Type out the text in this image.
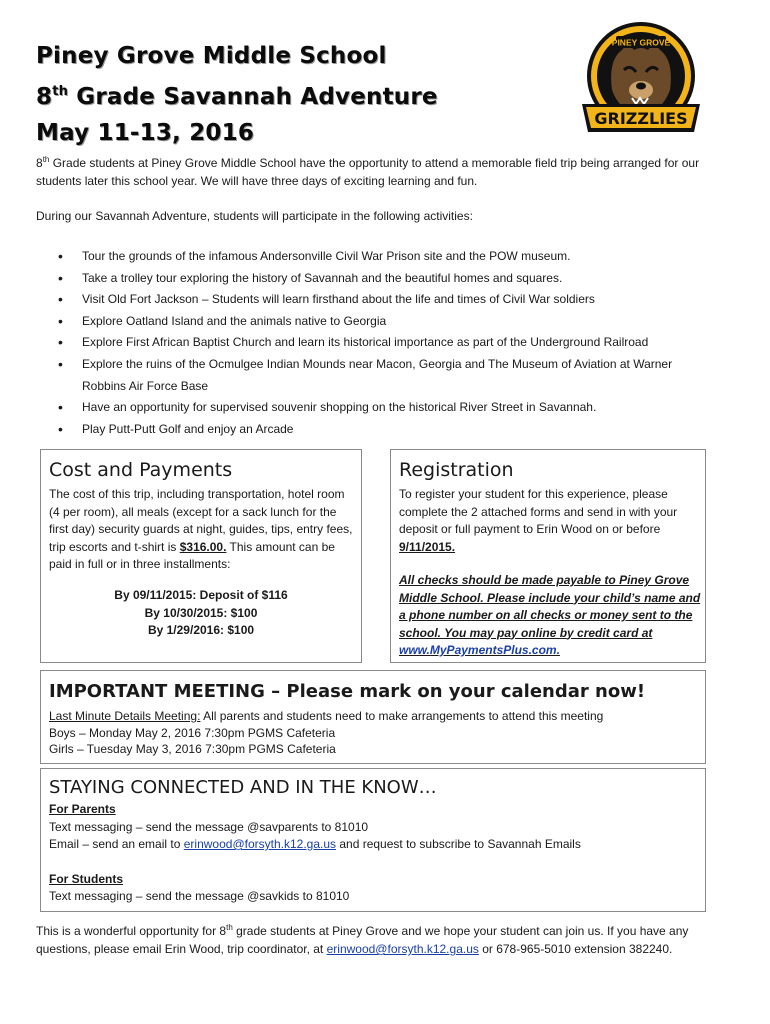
Piney Grove Middle School
8th Grade Savannah Adventure
May 11-13, 2016
PINEY GROVE
GRIZZLIES
8th Grade students at Piney Grove Middle School have the opportunity to attend a memorable field trip being arranged for our students later this school year. We will have three days of exciting learning and fun.
During our Savannah Adventure, students will participate in the following activities:
• Tour the grounds of the infamous Andersonville Civil War Prison site and the POW museum.
• Take a trolley tour exploring the history of Savannah and the beautiful homes and squares.
• Visit Old Fort Jackson – Students will learn firsthand about the life and times of Civil War soldiers
• Explore Oatland Island and the animals native to Georgia
• Explore First African Baptist Church and learn its historical importance as part of the Underground Railroad
• Explore the ruins of the Ocmulgee Indian Mounds near Macon, Georgia and The Museum of Aviation at Warner Robbins Air Force Base
• Have an opportunity for supervised souvenir shopping on the historical River Street in Savannah.
• Play Putt-Putt Golf and enjoy an Arcade
Cost and Payments
The cost of this trip, including transportation, hotel room (4 per room), all meals (except for a sack lunch for the first day) security guards at night, guides, tips, entry fees, trip escorts and t-shirt is $316.00. This amount can be paid in full or in three installments:
By 09/11/2015: Deposit of $116
By 10/30/2015: $100
By 1/29/2016: $100
Registration
To register your student for this experience, please complete the 2 attached forms and send in with your deposit or full payment to Erin Wood on or before 9/11/2015.
All checks should be made payable to Piney Grove Middle School. Please include your child’s name and a phone number on all checks or money sent to the school. You may pay online by credit card at www.MyPaymentsPlus.com.
IMPORTANT MEETING – Please mark on your calendar now!
Last Minute Details Meeting: All parents and students need to make arrangements to attend this meeting
Boys – Monday May 2, 2016 7:30pm PGMS Cafeteria
Girls – Tuesday May 3, 2016 7:30pm PGMS Cafeteria
STAYING CONNECTED AND IN THE KNOW…
For Parents
Text messaging – send the message @savparents to 81010
Email – send an email to erinwood@forsyth.k12.ga.us and request to subscribe to Savannah Emails
For Students
Text messaging – send the message @savkids to 81010
This is a wonderful opportunity for 8th grade students at Piney Grove and we hope your student can join us. If you have any questions, please email Erin Wood, trip coordinator, at erinwood@forsyth.k12.ga.us or 678-965-5010 extension 382240.
